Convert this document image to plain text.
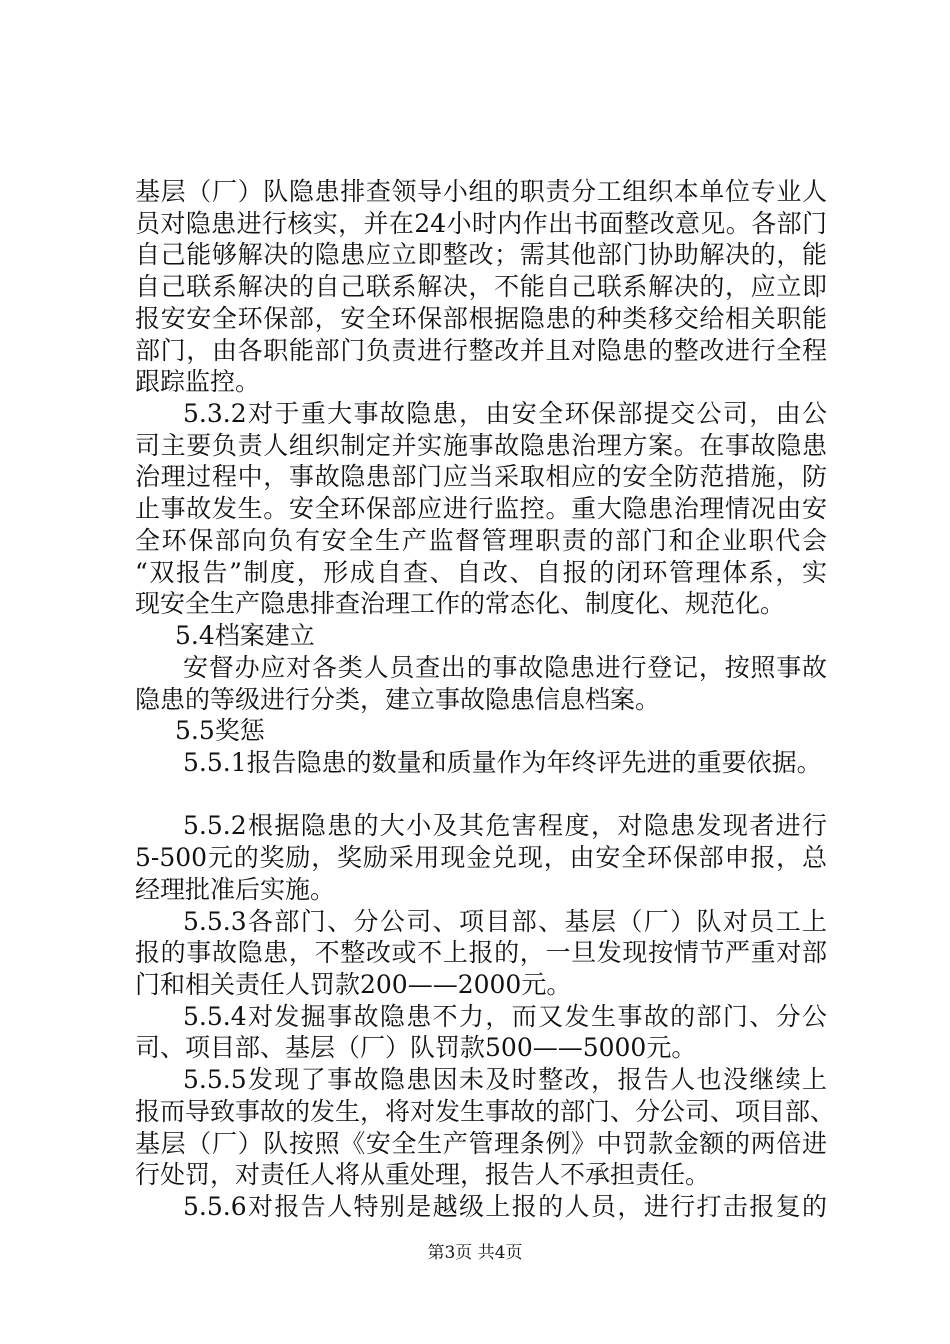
基层（厂）队隐患排查领导小组的职责分工组织本单位专业人
员对隐患进行核实，并在24小时内作出书面整改意见。各部门
自己能够解决的隐患应立即整改；需其他部门协助解决的，能
自己联系解决的自己联系解决，不能自己联系解决的，应立即
报安安全环保部，安全环保部根据隐患的种类移交给相关职能
部门，由各职能部门负责进行整改并且对隐患的整改进行全程
跟踪监控。
5.3.2对于重大事故隐患，由安全环保部提交公司，由公
司主要负责人组织制定并实施事故隐患治理方案。在事故隐患
治理过程中，事故隐患部门应当采取相应的安全防范措施，防
止事故发生。安全环保部应进行监控。重大隐患治理情况由安
全环保部向负有安全生产监督管理职责的部门和企业职代会
“双报告”制度，形成自查、自改、自报的闭环管理体系，实
现安全生产隐患排查治理工作的常态化、制度化、规范化。
5.4档案建立
安督办应对各类人员查出的事故隐患进行登记，按照事故
隐患的等级进行分类，建立事故隐患信息档案。
5.5奖惩
5.5.1报告隐患的数量和质量作为年终评先进的重要依据。
5.5.2根据隐患的大小及其危害程度，对隐患发现者进行
5-500元的奖励，奖励采用现金兑现，由安全环保部申报，总
经理批准后实施。
5.5.3各部门、分公司、项目部、基层（厂）队对员工上
报的事故隐患，不整改或不上报的，一旦发现按情节严重对部
门和相关责任人罚款200——2000元。
5.5.4对发掘事故隐患不力，而又发生事故的部门、分公
司、项目部、基层（厂）队罚款500——5000元。
5.5.5发现了事故隐患因未及时整改，报告人也没继续上
报而导致事故的发生，将对发生事故的部门、分公司、项目部、
基层（厂）队按照《安全生产管理条例》中罚款金额的两倍进
行处罚，对责任人将从重处理，报告人不承担责任。
5.5.6对报告人特别是越级上报的人员，进行打击报复的
第3页 共4页
